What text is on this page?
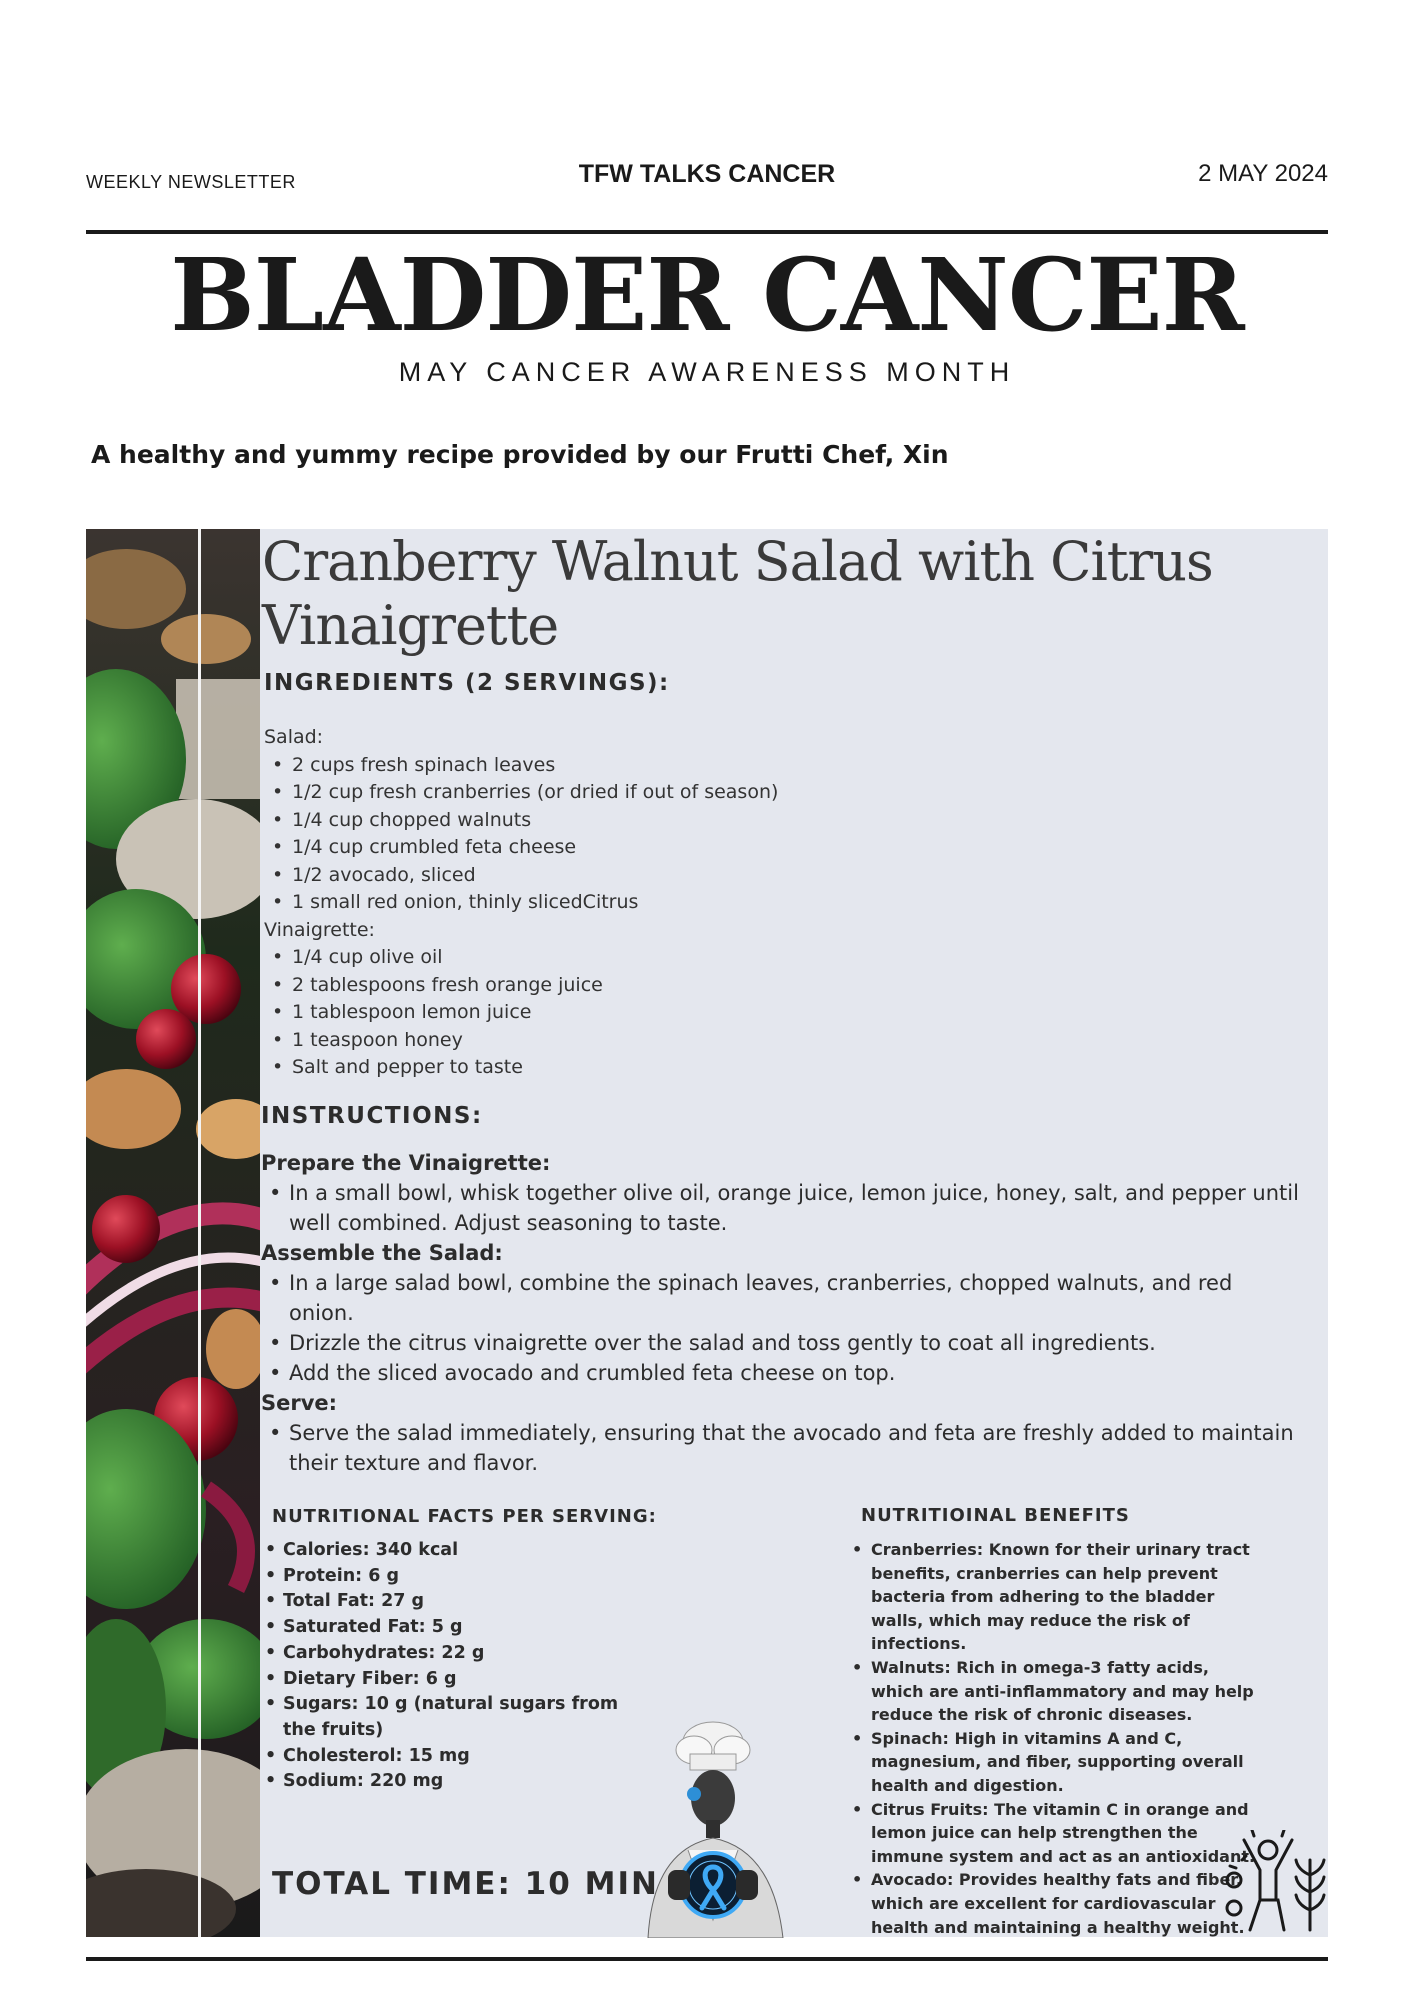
WEEKLY NEWSLETTER	TFW TALKS CANCER	2 MAY 2024
BLADDER CANCER
MAY CANCER AWARENESS MONTH
A healthy and yummy recipe provided by our Frutti Chef, Xin
Cranberry Walnut Salad with Citrus
Vinaigrette
INGREDIENTS (2 SERVINGS):
Salad:
• 2 cups fresh spinach leaves
• 1/2 cup fresh cranberries (or dried if out of season)
• 1/4 cup chopped walnuts
• 1/4 cup crumbled feta cheese
• 1/2 avocado, sliced
• 1 small red onion, thinly slicedCitrus
Vinaigrette:
• 1/4 cup olive oil
• 2 tablespoons fresh orange juice
• 1 tablespoon lemon juice
• 1 teaspoon honey
• Salt and pepper to taste
INSTRUCTIONS:
Prepare the Vinaigrette:
• In a small bowl, whisk together olive oil, orange juice, lemon juice, honey, salt, and pepper until well combined. Adjust seasoning to taste.
Assemble the Salad:
• In a large salad bowl, combine the spinach leaves, cranberries, chopped walnuts, and red onion.
• Drizzle the citrus vinaigrette over the salad and toss gently to coat all ingredients.
• Add the sliced avocado and crumbled feta cheese on top.
Serve:
• Serve the salad immediately, ensuring that the avocado and feta are freshly added to maintain their texture and flavor.
NUTRITIONAL FACTS PER SERVING:
• Calories: 340 kcal
• Protein: 6 g
• Total Fat: 27 g
• Saturated Fat: 5 g
• Carbohydrates: 22 g
• Dietary Fiber: 6 g
• Sugars: 10 g (natural sugars from the fruits)
• Cholesterol: 15 mg
• Sodium: 220 mg
TOTAL TIME: 10 MIN
NUTRITIOINAL BENEFITS
• Cranberries: Known for their urinary tract benefits, cranberries can help prevent bacteria from adhering to the bladder walls, which may reduce the risk of infections.
• Walnuts: Rich in omega-3 fatty acids, which are anti-inflammatory and may help reduce the risk of chronic diseases.
• Spinach: High in vitamins A and C, magnesium, and fiber, supporting overall health and digestion.
• Citrus Fruits: The vitamin C in orange and lemon juice can help strengthen the immune system and act as an antioxidant.
• Avocado: Provides healthy fats and fiber, which are excellent for cardiovascular health and maintaining a healthy weight.
